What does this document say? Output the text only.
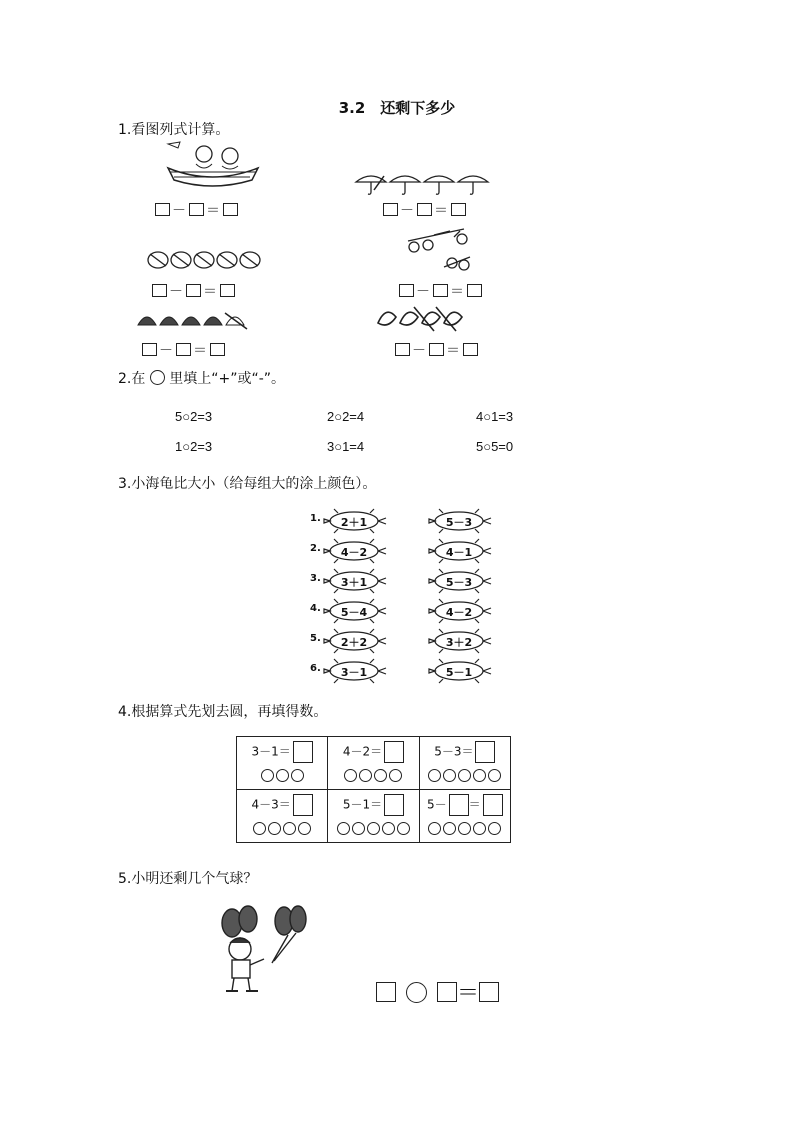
3.2　还剩下多少
1.看图列式计算。
－ ＝	－ ＝
－ ＝	－ ＝
－ ＝	－ ＝
2.在 里填上“+”或“-”。
5○2=3	2○2=4	4○1=3
1○2=3	3○1=4	5○5=0
3.小海龟比大小（给每组大的涂上颜色）。
1.	2＋1	5－3
2.	4－2	4－1
3.	3＋1	5－3
4.	5－4	4－2
5.	2＋2	3＋2
6.	3－1	5－1
4.根据算式先划去圆，再填得数。
3－1＝	4－2＝	5－3＝

4－3＝	5－1＝	5－ ＝
5.小明还剩几个气球？
＝
